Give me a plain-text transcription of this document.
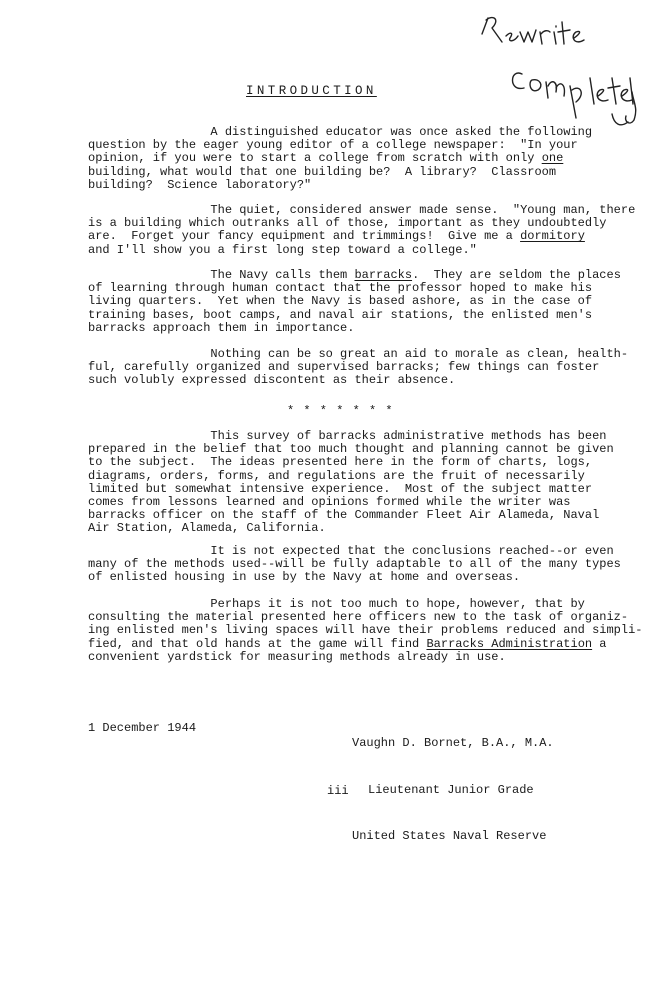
INTRODUCTION
A distinguished educator was once asked the following
question by the eager young editor of a college newspaper:  "In your
opinion, if you were to start a college from scratch with only one
building, what would that one building be?  A library?  Classroom
building?  Science laboratory?"
The quiet, considered answer made sense.  "Young man, there
is a building which outranks all of those, important as they undoubtedly
are.  Forget your fancy equipment and trimmings!  Give me a dormitory
and I'll show you a first long step toward a college."
The Navy calls them barracks.  They are seldom the places
of learning through human contact that the professor hoped to make his
living quarters.  Yet when the Navy is based ashore, as in the case of
training bases, boot camps, and naval air stations, the enlisted men's
barracks approach them in importance.
Nothing can be so great an aid to morale as clean, health-
ful, carefully organized and supervised barracks; few things can foster
such volubly expressed discontent as their absence.
* * * * * * *
This survey of barracks administrative methods has been
prepared in the belief that too much thought and planning cannot be given
to the subject.  The ideas presented here in the form of charts, logs,
diagrams, orders, forms, and regulations are the fruit of necessarily
limited but somewhat intensive experience.  Most of the subject matter
comes from lessons learned and opinions formed while the writer was
barracks officer on the staff of the Commander Fleet Air Alameda, Naval
Air Station, Alameda, California.
It is not expected that the conclusions reached--or even
many of the methods used--will be fully adaptable to all of the many types
of enlisted housing in use by the Navy at home and overseas.
Perhaps it is not too much to hope, however, that by
consulting the material presented here officers new to the task of organiz-
ing enlisted men's living spaces will have their problems reduced and simpli-
fied, and that old hands at the game will find Barracks Administration a
convenient yardstick for measuring methods already in use.
1 December 1944

Vaughn D. Bornet, B.A., M.A.

Lieutenant Junior Grade

United States Naval Reserve

iii
